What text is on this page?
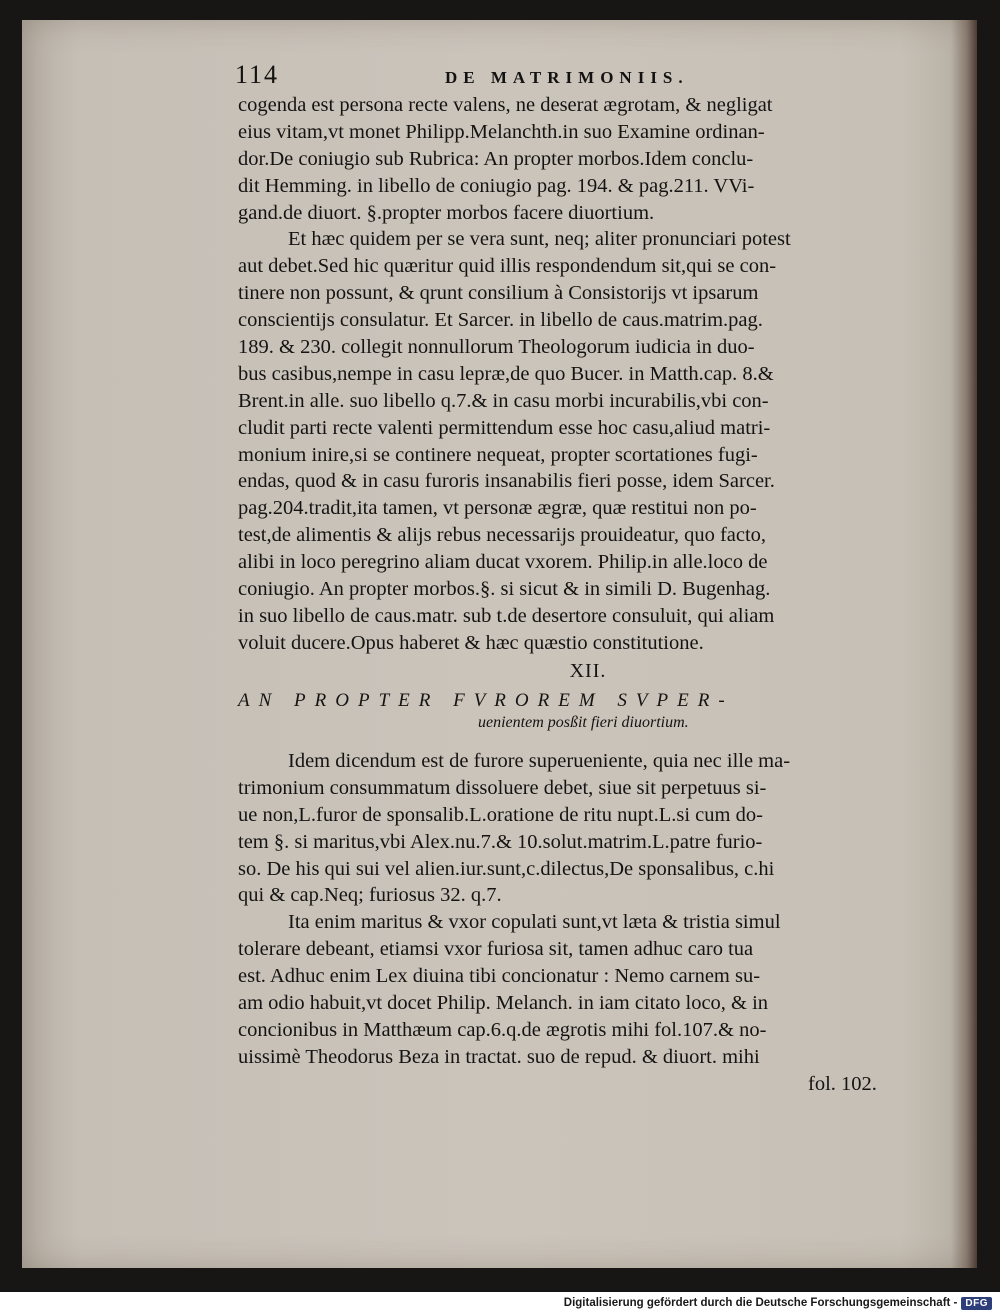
114	DE MATRIMONIIS.
cogenda est persona recte valens, ne deserat ægrotam, & negligat
eius vitam,vt monet Philipp.Melanchth.in suo Examine ordinan-
dor.De coniugio sub Rubrica: An propter morbos.Idem conclu-
dit Hemming. in libello de coniugio pag. 194. & pag.211. VVi-
gand.de diuort. §.propter morbos facere diuortium.
Et hæc quidem per se vera sunt, neq; aliter pronunciari potest
aut debet.Sed hic quæritur quid illis respondendum sit,qui se con-
tinere non possunt, & qrunt consilium à Consistorijs vt ipsarum
conscientijs consulatur. Et Sarcer. in libello de caus.matrim.pag.
189. & 230. collegit nonnullorum Theologorum iudicia in duo-
bus casibus,nempe in casu lepræ,de quo Bucer. in Matth.cap. 8.&
Brent.in alle. suo libello q.7.& in casu morbi incurabilis,vbi con-
cludit parti recte valenti permittendum esse hoc casu,aliud matri-
monium inire,si se continere nequeat, propter scortationes fugi-
endas, quod & in casu furoris insanabilis fieri posse, idem Sarcer.
pag.204.tradit,ita tamen, vt personæ ægræ, quæ restitui non po-
test,de alimentis & alijs rebus necessarijs prouideatur, quo facto,
alibi in loco peregrino aliam ducat vxorem. Philip.in alle.loco de
coniugio. An propter morbos.§. si sicut & in simili D. Bugenhag.
in suo libello de caus.matr. sub t.de desertore consuluit, qui aliam
voluit ducere.Opus haberet & hæc quæstio constitutione.
XII.
AN PROPTER FVROREM SVPER-
uenientem posßit fieri diuortium.
Idem dicendum est de furore superueniente, quia nec ille ma-
trimonium consummatum dissoluere debet, siue sit perpetuus si-
ue non,L.furor de sponsalib.L.oratione de ritu nupt.L.si cum do-
tem §. si maritus,vbi Alex.nu.7.& 10.solut.matrim.L.patre furio-
so. De his qui sui vel alien.iur.sunt,c.dilectus,De sponsalibus, c.hi
qui & cap.Neq; furiosus 32. q.7.
Ita enim maritus & vxor copulati sunt,vt læta & tristia simul
tolerare debeant, etiamsi vxor furiosa sit, tamen adhuc caro tua
est. Adhuc enim Lex diuina tibi concionatur : Nemo carnem su-
am odio habuit,vt docet Philip. Melanch. in iam citato loco, & in
concionibus in Matthæum cap.6.q.de ægrotis mihi fol.107.& no-
uissimè Theodorus Beza in tractat. suo de repud. & diuort. mihi
fol. 102.
Digitalisierung gefördert durch die Deutsche Forschungsgemeinschaft - DFG
